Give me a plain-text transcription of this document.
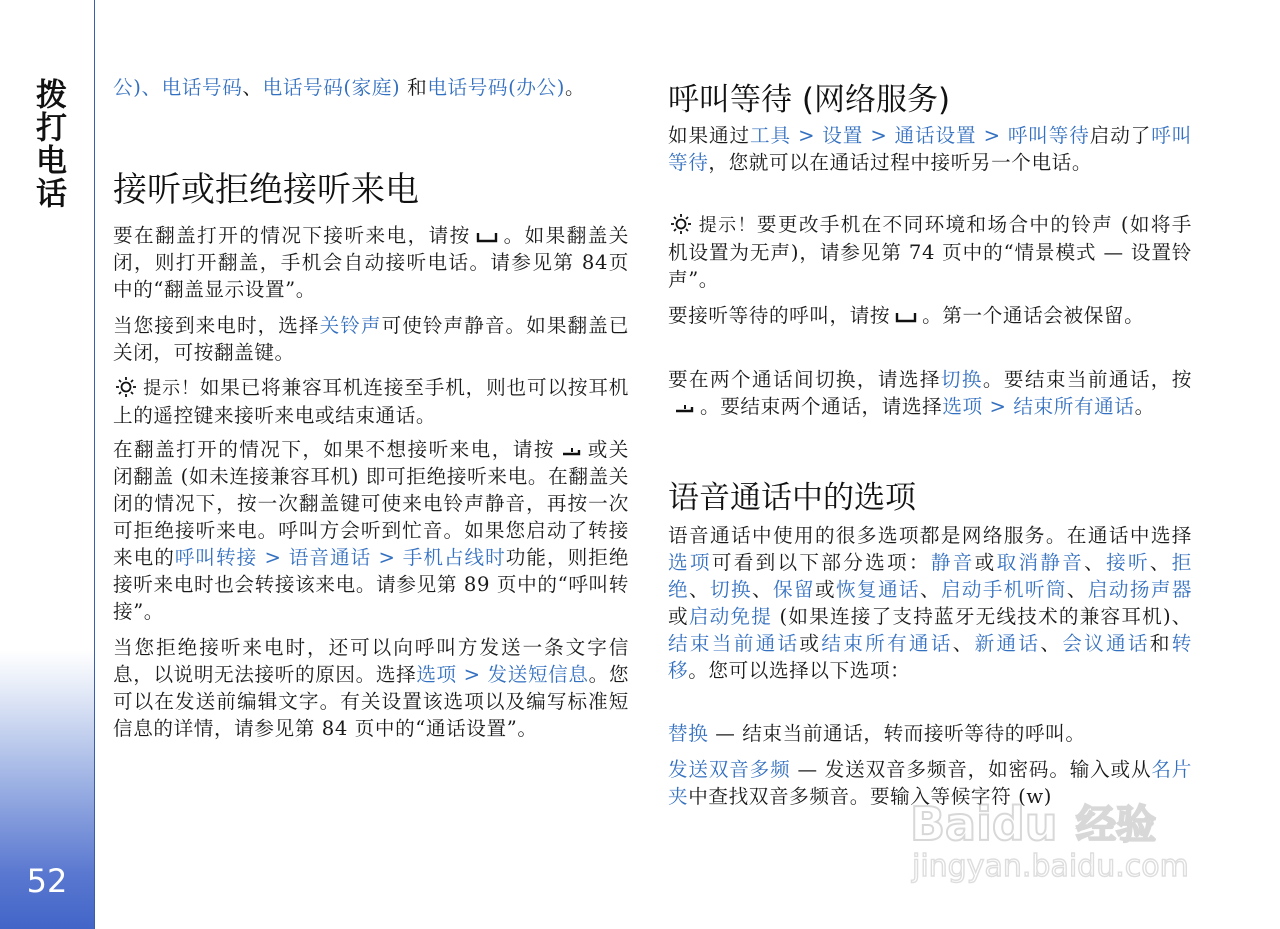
拨打电话
52

公)、电话号码、电话号码(家庭) 和电话号码(办公)。

接听或拒绝接听来电

要在翻盖打开的情况下接听来电，请按 。如果翻盖关闭，则打开翻盖，手机会自动接听电话。请参见第 84页中的“翻盖显示设置”。

当您接到来电时，选择关铃声可使铃声静音。如果翻盖已关闭，可按翻盖键。

提示！如果已将兼容耳机连接至手机，则也可以按耳机上的遥控键来接听来电或结束通话。

在翻盖打开的情况下，如果不想接听来电，请按 或关闭翻盖 (如未连接兼容耳机) 即可拒绝接听来电。在翻盖关闭的情况下，按一次翻盖键可使来电铃声静音，再按一次可拒绝接听来电。呼叫方会听到忙音。如果您启动了转接来电的呼叫转接 > 语音通话 > 手机占线时功能，则拒绝接听来电时也会转接该来电。请参见第 89 页中的“呼叫转接”。

当您拒绝接听来电时，还可以向呼叫方发送一条文字信息，以说明无法接听的原因。选择选项 > 发送短信息。您可以在发送前编辑文字。有关设置该选项以及编写标准短信息的详情，请参见第 84 页中的“通话设置”。

呼叫等待 (网络服务)

如果通过工具 > 设置 > 通话设置 > 呼叫等待启动了呼叫等待，您就可以在通话过程中接听另一个电话。

提示！要更改手机在不同环境和场合中的铃声 (如将手机设置为无声)，请参见第 74 页中的“情景模式 — 设置铃声”。

要接听等待的呼叫，请按 。第一个通话会被保留。

要在两个通话间切换，请选择切换。要结束当前通话，按。要结束两个通话，请选择选项 > 结束所有通话。

语音通话中的选项

语音通话中使用的很多选项都是网络服务。在通话中选择选项可看到以下部分选项：静音或取消静音、接听、拒绝、切换、保留或恢复通话、启动手机听筒、启动扬声器或启动免提 (如果连接了支持蓝牙无线技术的兼容耳机)、结束当前通话或结束所有通话、新通话、会议通话和转移。您可以选择以下选项：

替换 — 结束当前通话，转而接听等待的呼叫。

发送双音多频 — 发送双音多频音，如密码。输入或从名片夹中查找双音多频音。要输入等候字符 (w)

Baidu 经验
jingyan.baidu.com
